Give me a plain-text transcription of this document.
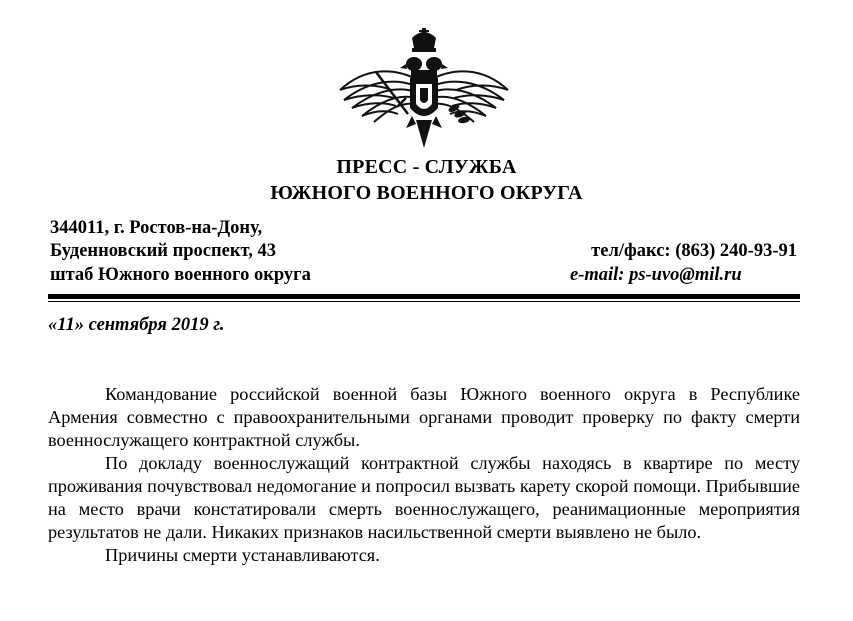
ПРЕСС - СЛУЖБА
ЮЖНОГО ВОЕННОГО ОКРУГА
344011, г. Ростов-на-Дону,
Буденновский проспект, 43
штаб Южного военного округа
тел/факс: (863) 240-93-91
e-mail: ps-uvo@mil.ru
«11» сентября 2019 г.

Командование российской военной базы Южного военного округа в Республике Армения совместно с правоохранительными органами проводит проверку по факту смерти военнослужащего контрактной службы.

По докладу военнослужащий контрактной службы находясь в квартире по месту проживания почувствовал недомогание и попросил вызвать карету скорой помощи. Прибывшие на место врачи констатировали смерть военнослужащего, реанимационные мероприятия результатов не дали. Никаких признаков насильственной смерти выявлено не было.

Причины смерти устанавливаются.
